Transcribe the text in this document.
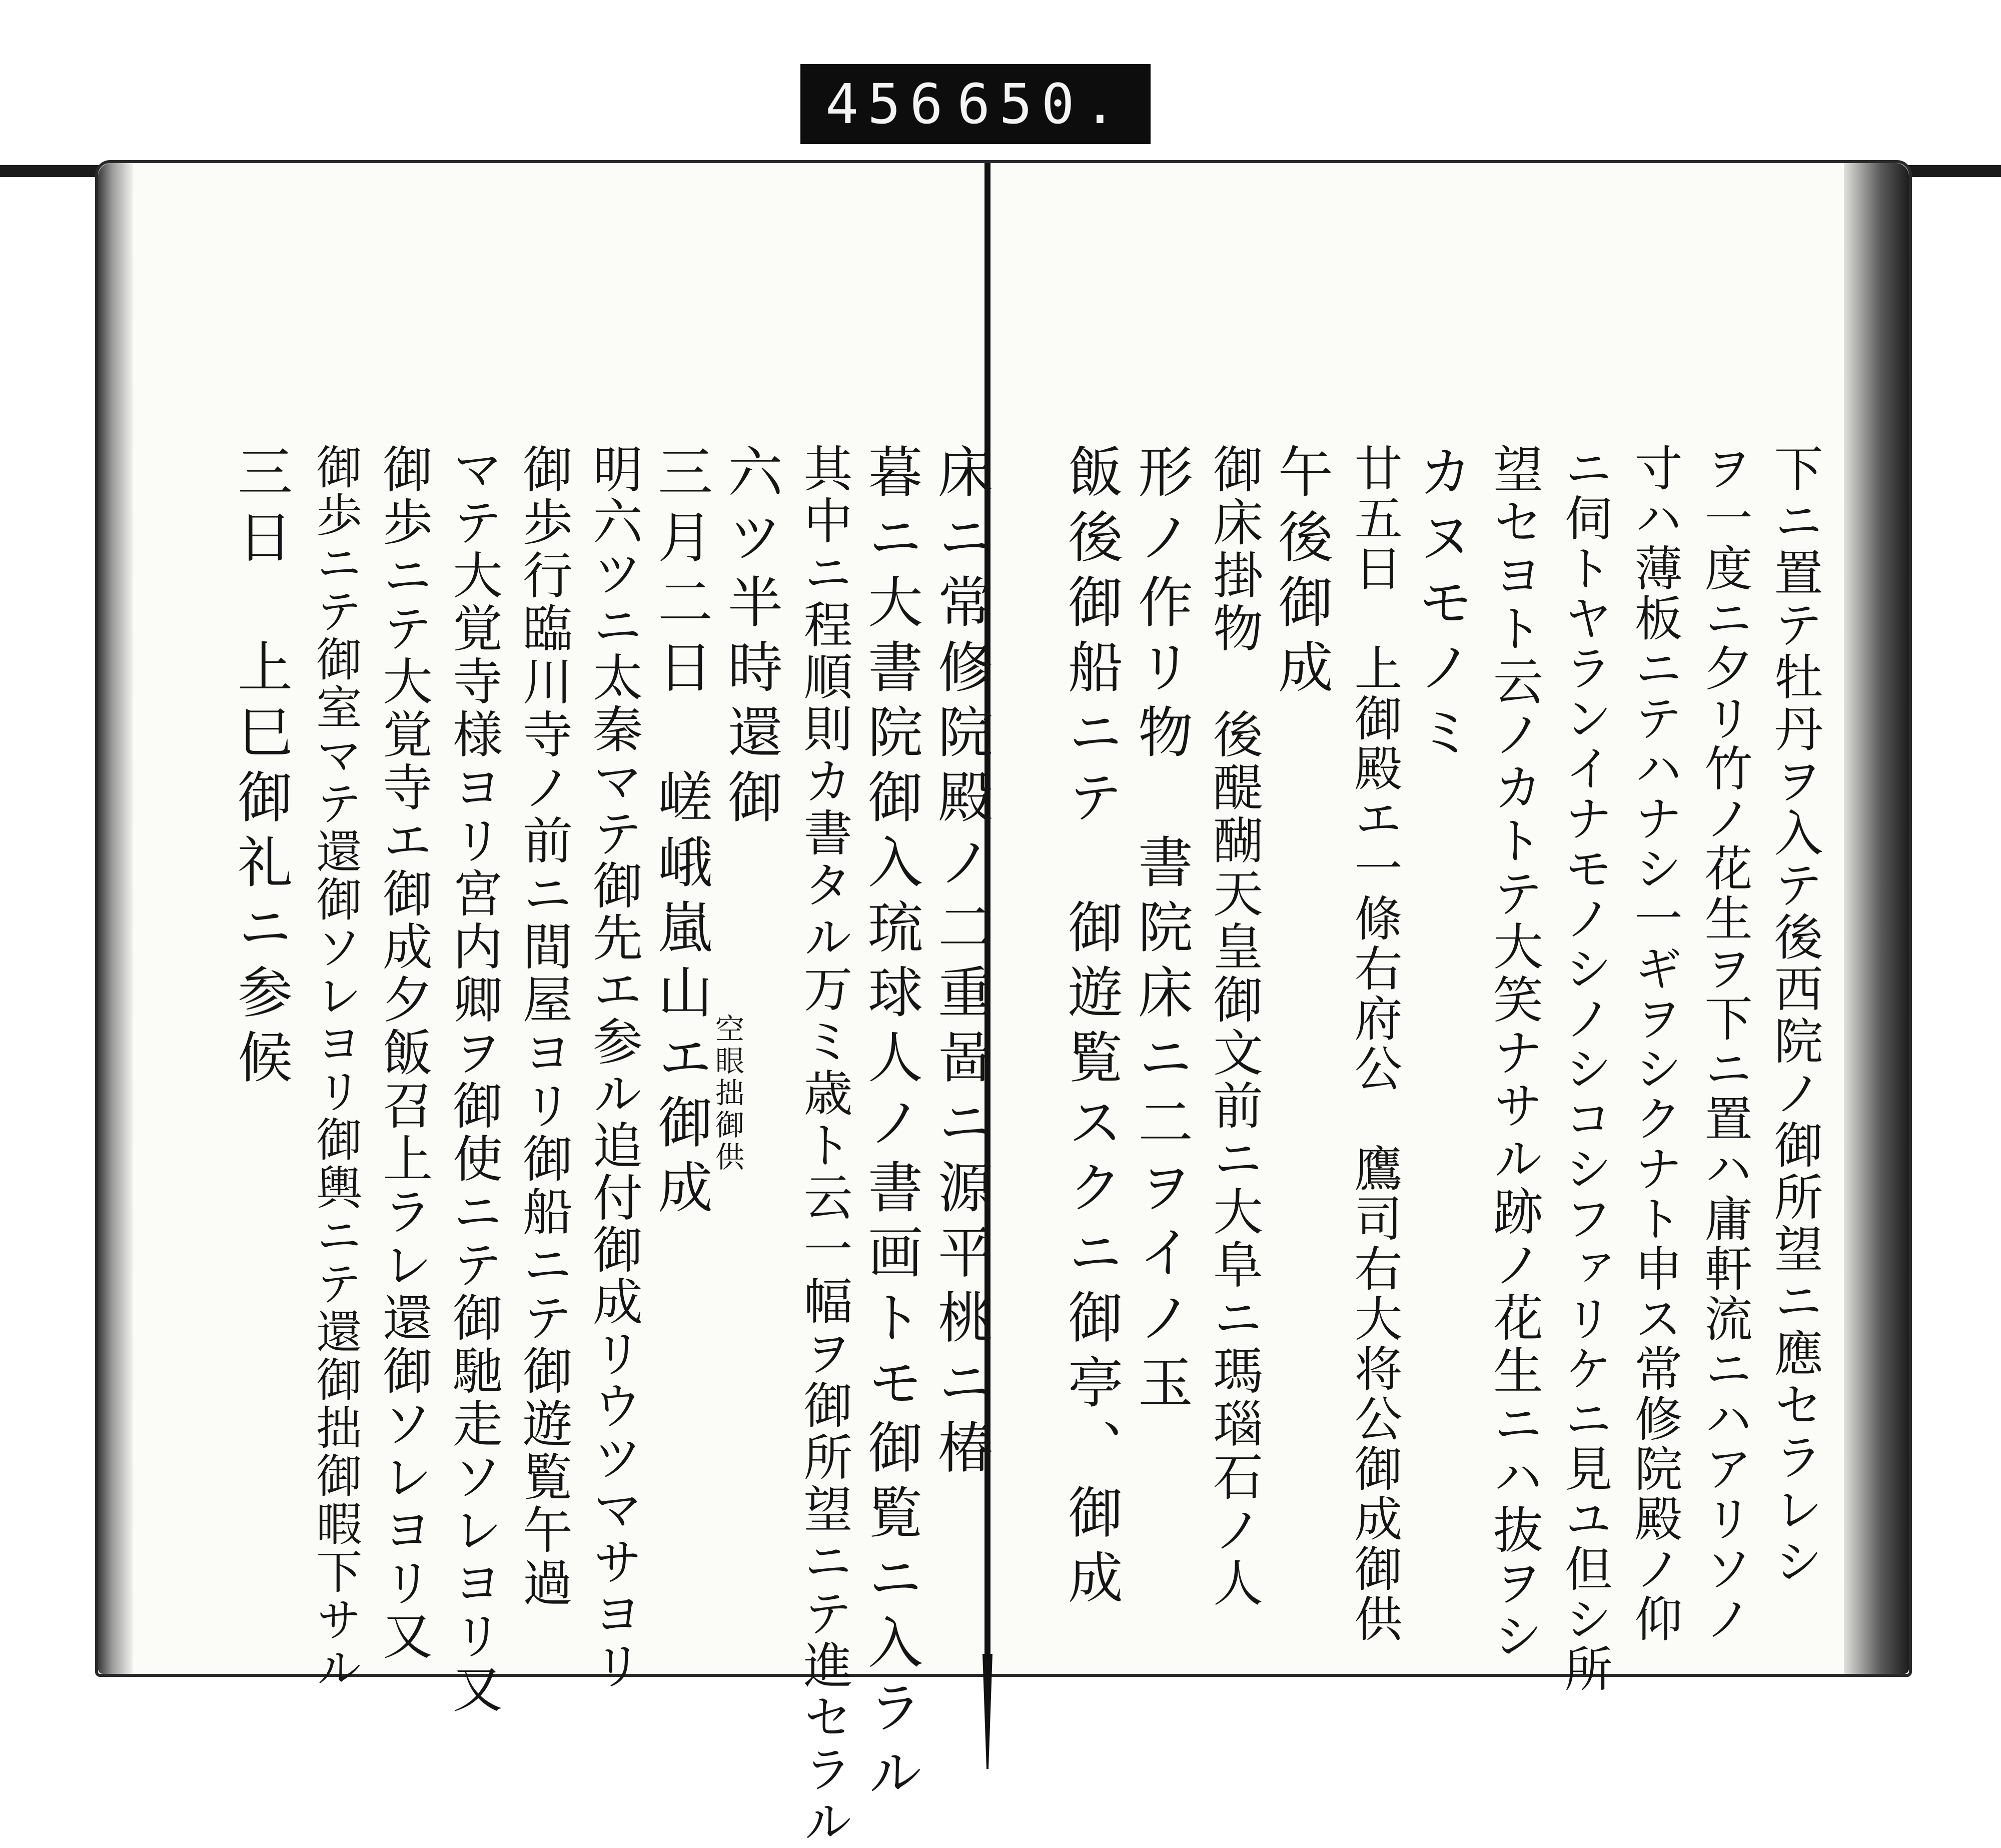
456 650.
床ニ常修院殿ノ二重啚ニ源平桃ニ椿
暮ニ大書院御入琉球人ノ書画トモ御覧ニ入ラル
其中ニ程順則カ書タル万ミ歳ト云一幅ヲ御所望ニテ進セラル
六ツ半時還御
三月二日　嵯峨嵐山エ御成
明六ツニ太秦マテ御先エ参ル追付御成リウツマサヨリ
御歩行臨川寺ノ前ニ間屋ヨリ御船ニテ御遊覧午過
マテ大覚寺様ヨリ宮内卿ヲ御使ニテ御馳走ソレヨリ又
御歩ニテ大覚寺エ御成夕飯召上ラレ還御ソレヨリ又
御歩ニテ御室マテ還御ソレヨリ御輿ニテ還御拙御暇下サル
三日　上巳御礼ニ参候	空眼拙御供	下ニ置テ牡丹ヲ入テ後西院ノ御所望ニ應セラレシ
ヲ一度ニ夕リ竹ノ花生ヲ下ニ置ハ庸軒流ニハアリソノ
寸ハ薄板ニテハナシ一ギヲシクナト申ス常修院殿ノ仰
ニ伺トヤランイナモノシノシコシファリケニ見ユ但シ所
望セヨト云ノカトテ大笑ナサル跡ノ花生ニハ抜ヲシ
カヌモノミ
廿五日　上御殿エ一條右府公　鷹司右大将公御成御供
午後御成
御床掛物　後醍醐天皇御文前ニ大阜ニ瑪瑙石ノ人
形ノ作リ物　書院床ニ二ヲイノ玉
飯後御船ニテ　御遊覧スクニ御亭、御成
